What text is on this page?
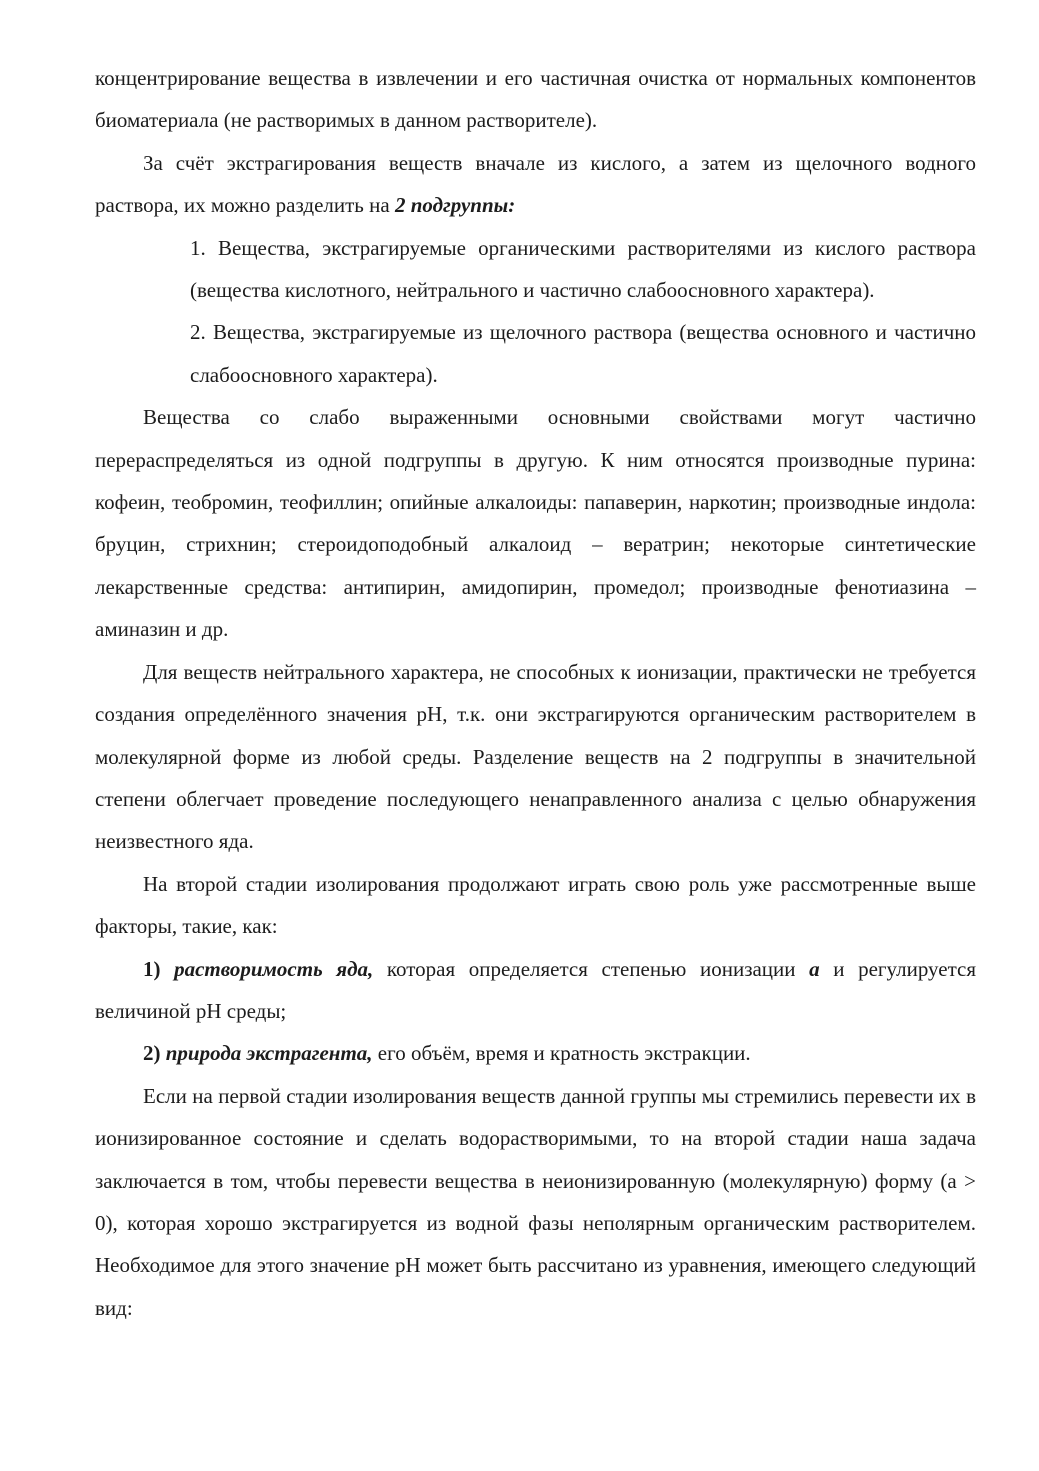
концентрирование вещества в извлечении и его частичная очистка от нормальных компонентов биоматериала (не растворимых в данном растворителе).

За счёт экстрагирования веществ вначале из кислого, а затем из щелочного водного раствора, их можно разделить на 2 подгруппы:

1. Вещества, экстрагируемые органическими растворителями из кислого раствора (вещества кислотного, нейтрального и частично слабоосновного характера).

2. Вещества, экстрагируемые из щелочного раствора (вещества основного и частично слабоосновного характера).

Вещества со слабо выраженными основными свойствами могут частично перераспределяться из одной подгруппы в другую. К ним относятся производные пурина: кофеин, теобромин, теофиллин; опийные алкалоиды: папаверин, наркотин; производные индола: бруцин, стрихнин; стероидоподобный алкалоид – вератрин; некоторые синтетические лекарственные средства: антипирин, амидопирин, промедол; производные фенотиазина – аминазин и др.

Для веществ нейтрального характера, не способных к ионизации, практически не требуется создания определённого значения pH, т.к. они экстрагируются органическим растворителем в молекулярной форме из любой среды. Разделение веществ на 2 подгруппы в значительной степени облегчает проведение последующего ненаправленного анализа с целью обнаружения неизвестного яда.

На второй стадии изолирования продолжают играть свою роль уже рассмотренные выше факторы, такие, как:

1) растворимость яда, которая определяется степенью ионизации a и регулируется величиной pH среды;

2) природа экстрагента, его объём, время и кратность экстракции.

Если на первой стадии изолирования веществ данной группы мы стремились перевести их в ионизированное состояние и сделать водорастворимыми, то на второй стадии наша задача заключается в том, чтобы перевести вещества в неионизированную (молекулярную) форму (a > 0), которая хорошо экстрагируется из водной фазы неполярным органическим растворителем. Необходимое для этого значение pH может быть рассчитано из уравнения, имеющего следующий вид:
